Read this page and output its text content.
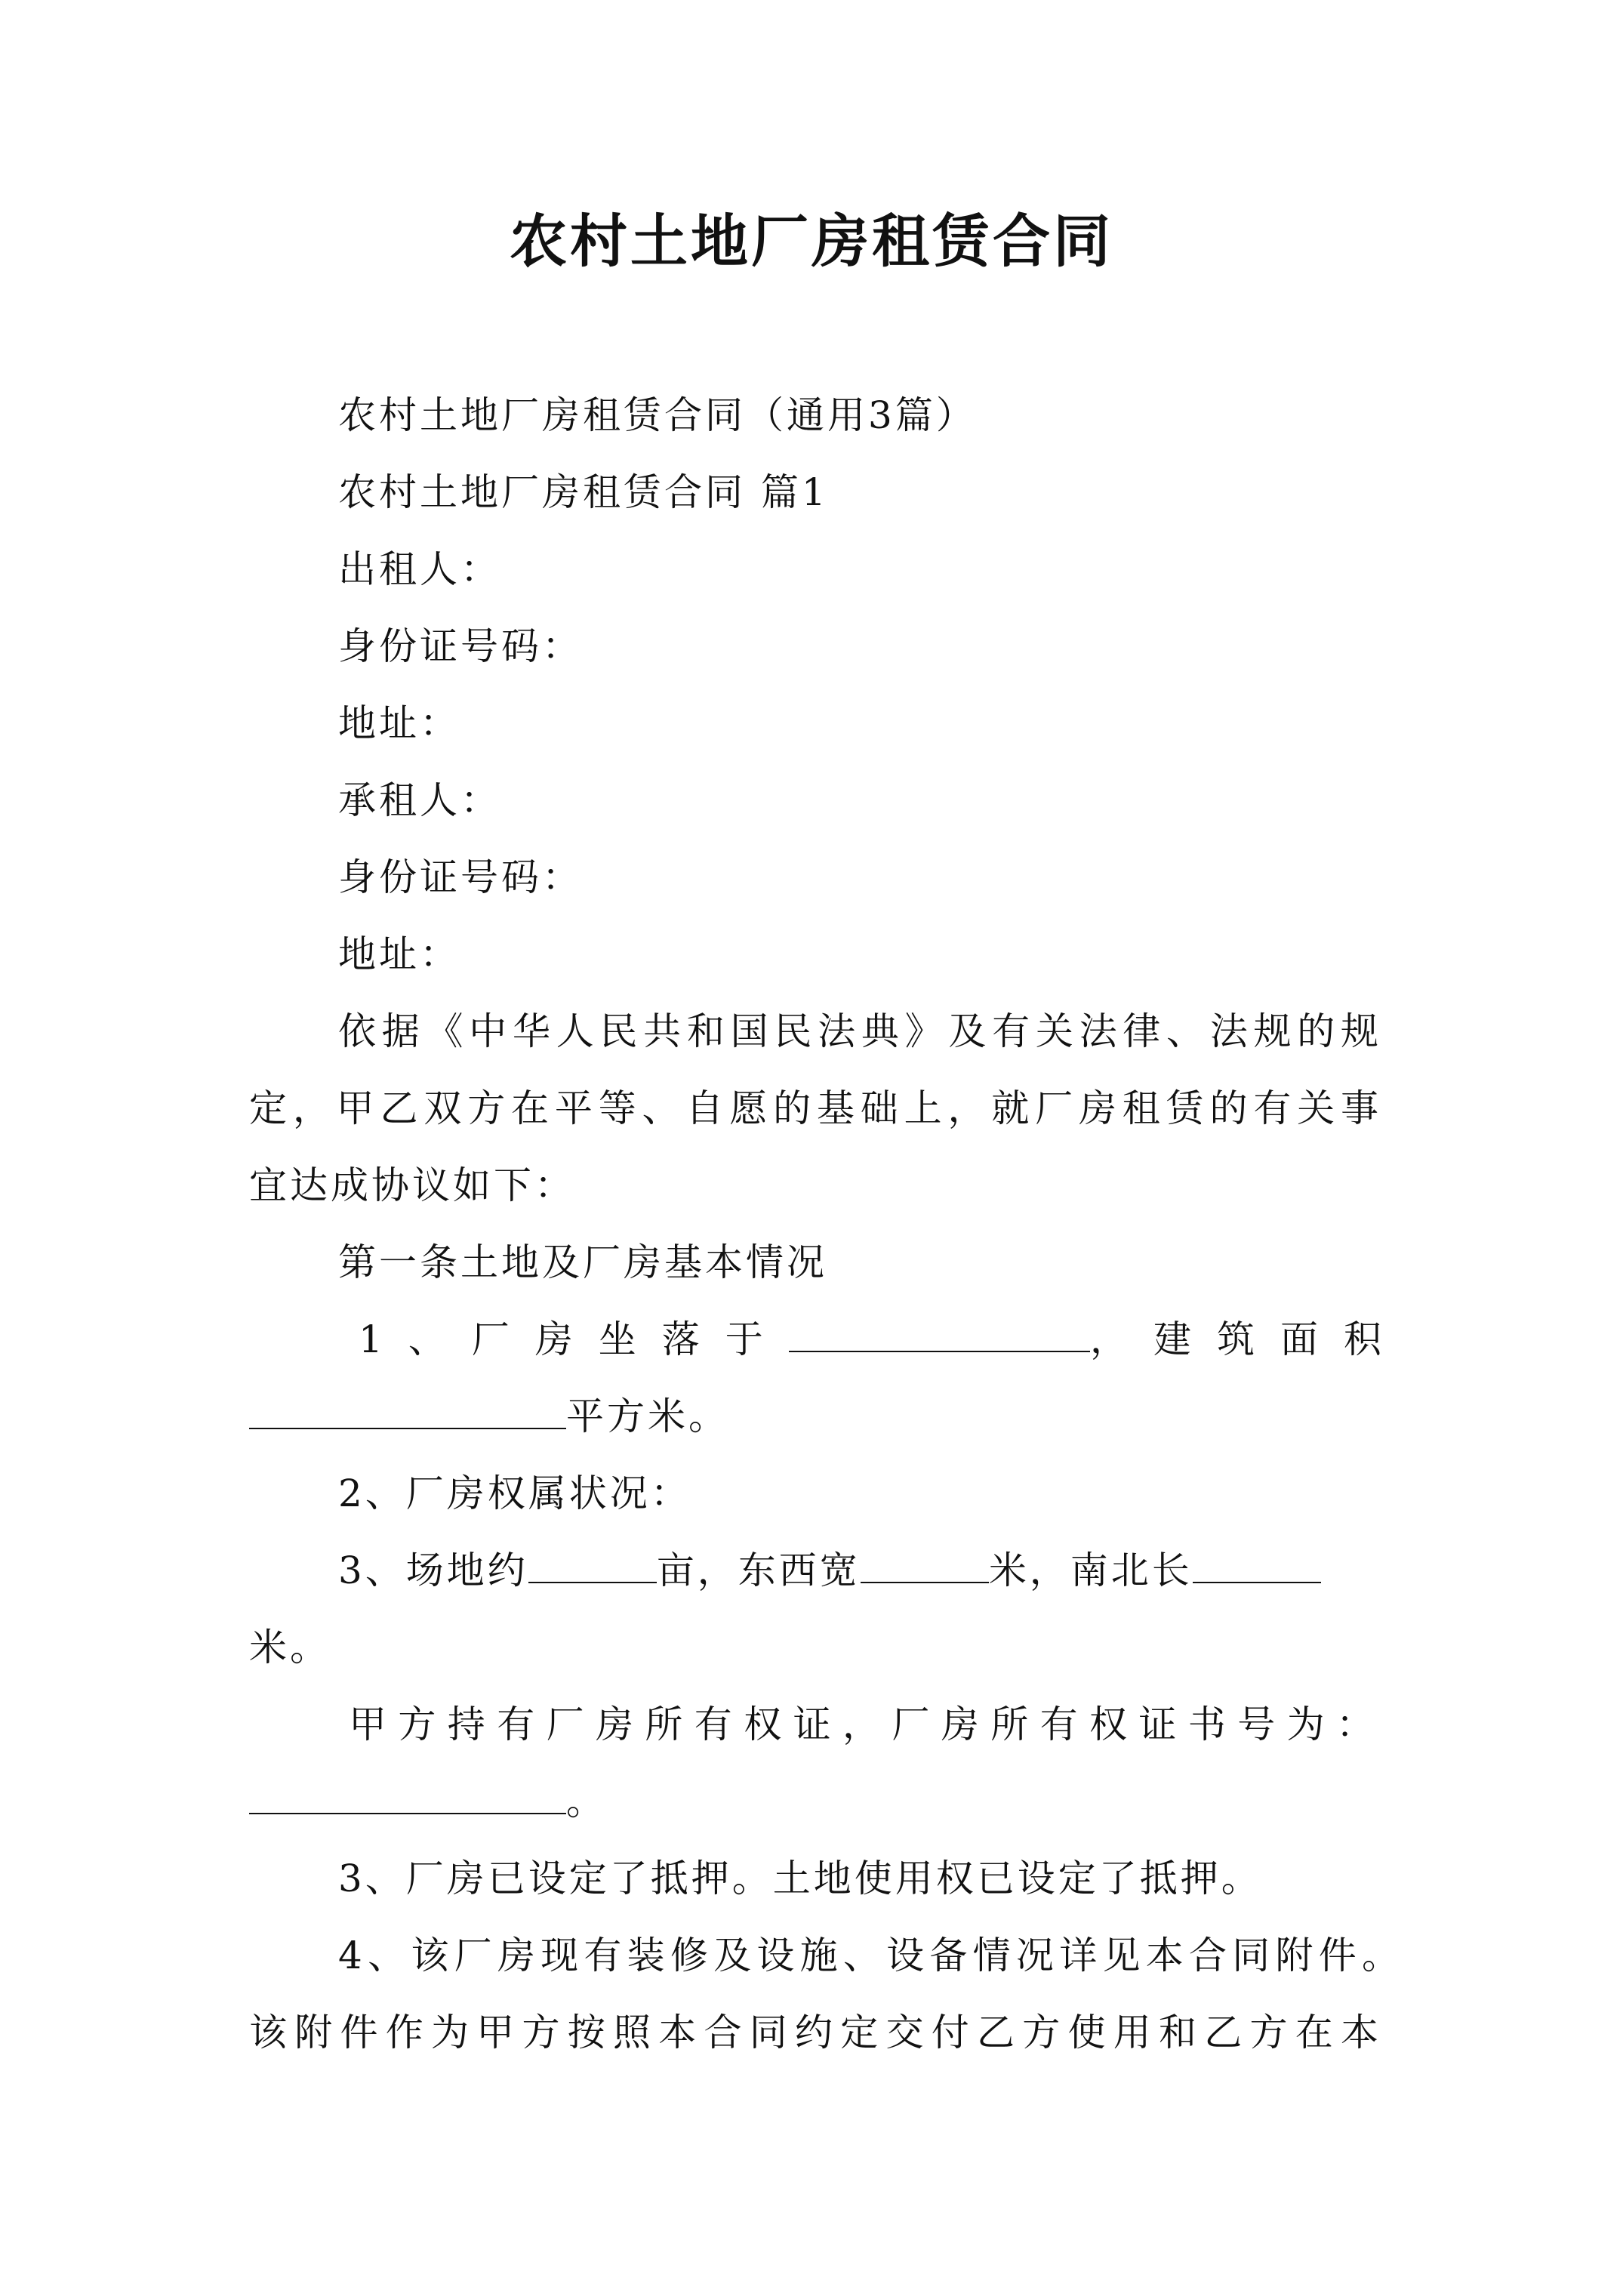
农村土地厂房租赁合同
农村土地厂房租赁合同（通用3篇）
农村土地厂房租赁合同 篇1
出租人：
身份证号码：
地址：
承租人：
身份证号码：
地址：
依据《中华人民共和国民法典》及有关法律、法规的规
定，甲乙双方在平等、自愿的基础上，就厂房租赁的有关事
宜达成协议如下：
第一条土地及厂房基本情况
1、厂房坐落于	，建筑面积
平方米。
2、厂房权属状况：
3、场地约	亩，东西宽	米，南北长
米。
甲方持有厂房所有权证，厂房所有权证书号为：
。
3、厂房已设定了抵押。土地使用权已设定了抵押。
4、该厂房现有装修及设施、设备情况详见本合同附件。
该附件作为甲方按照本合同约定交付乙方使用和乙方在本
